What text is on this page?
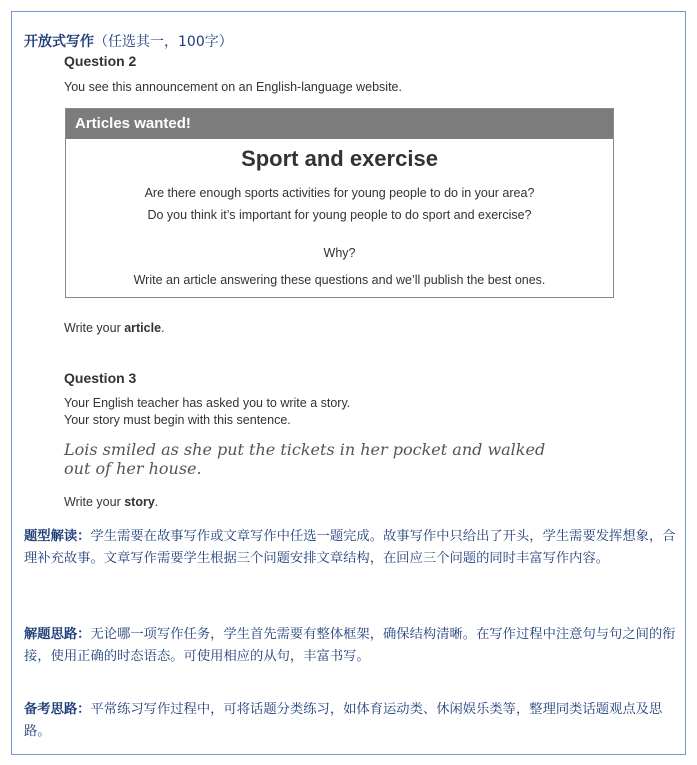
开放式写作（任选其一，100字）
Question 2
You see this announcement on an English-language website.
Articles wanted!
Sport and exercise
Are there enough sports activities for young people to do in your area?
Do you think it’s important for young people to do sport and exercise?
Why?
Write an article answering these questions and we’ll publish the best ones.
Write your article.
Question 3
Your English teacher has asked you to write a story.
Your story must begin with this sentence.
Lois smiled as she put the tickets in her pocket and walked out of her house.
Write your story.
题型解读：学生需要在故事写作或文章写作中任选一题完成。故事写作中只给出了开头，学生需要发挥想象，合理补充故事。文章写作需要学生根据三个问题安排文章结构，在回应三个问题的同时丰富写作内容。
解题思路：无论哪一项写作任务，学生首先需要有整体框架，确保结构清晰。在写作过程中注意句与句之间的衔接，使用正确的时态语态。可使用相应的从句，丰富书写。
备考思路：平常练习写作过程中，可将话题分类练习，如体育运动类、休闲娱乐类等，整理同类话题观点及思路。
